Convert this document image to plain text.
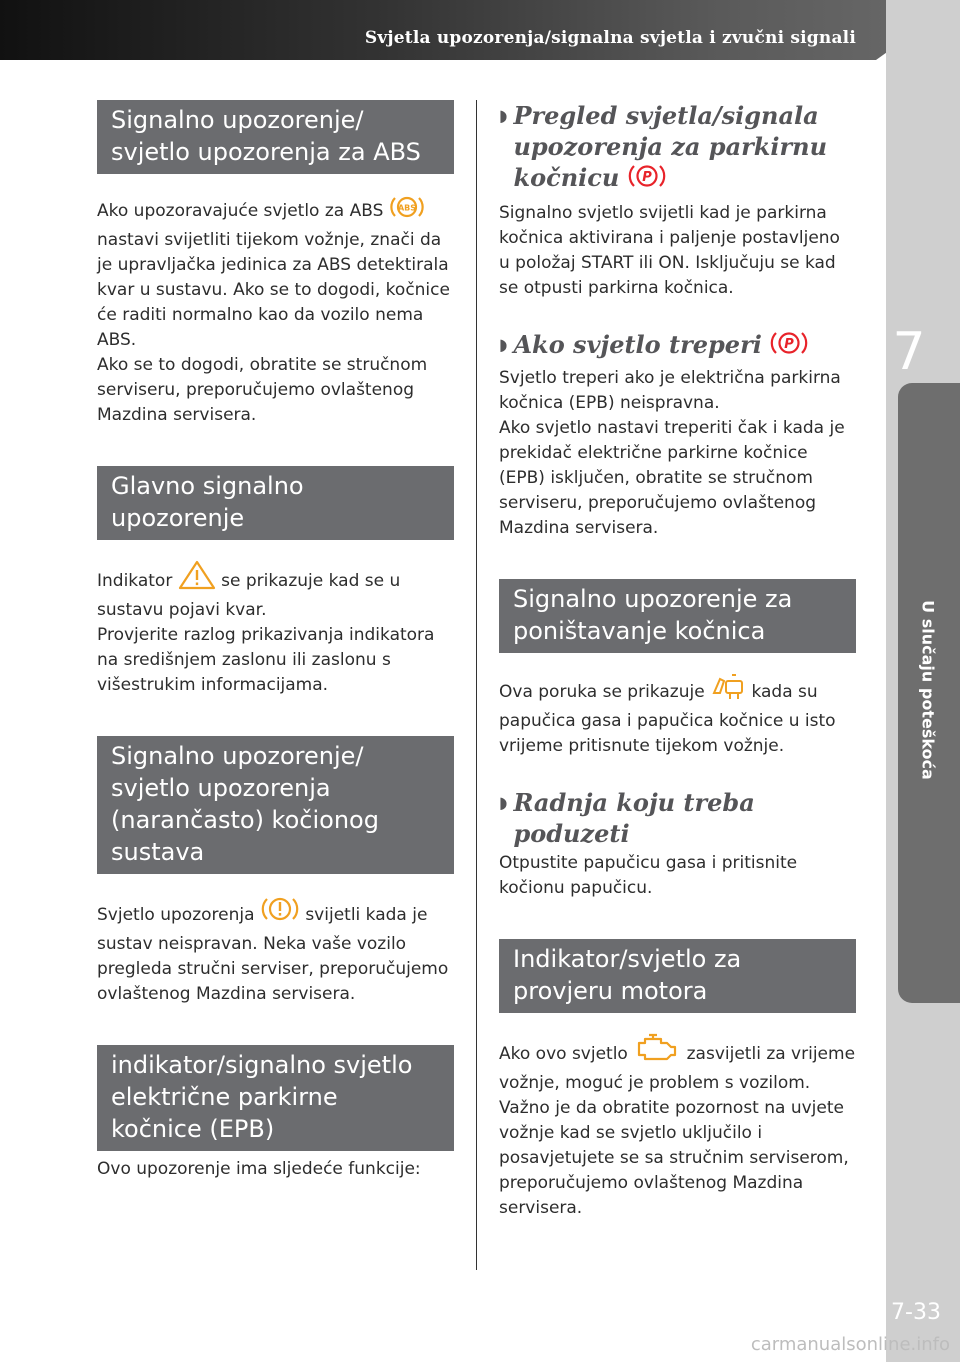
Svjetla upozorenja/signalna svjetla i zvučni signali
7
U slučaju poteškoća
7-33
carmanualsonline.info
Signalno upozorenje/
svjetlo upozorenja za ABS

Ako upozoravajuće svjetlo za ABS ABS

nastavi svijetliti tijekom vožnje, znači da je upravljačka jedinica za ABS detektirala kvar u sustavu. Ako se to dogodi, kočnice će raditi normalno kao da vozilo nema ABS.

Ako se to dogodi, obratite se stručnom serviseru, preporučujemo ovlaštenog Mazdina servisera.

Glavno signalno
upozorenje

Indikator  se prikazuje kad se u sustavu pojavi kvar.

Provjerite razlog prikazivanja indikatora na središnjem zaslonu ili zaslonu s višestrukim informacijama.

Signalno upozorenje/
svjetlo upozorenja
(narančasto) kočionog
sustava

Svjetlo upozorenja  svijetli kada je sustav neispravan. Neka vaše vozilo pregleda stručni serviser, preporučujemo ovlaštenog Mazdina servisera.

indikator/signalno svjetlo
električne parkirne
kočnice (EPB)

Ovo upozorenje ima sljedeće funkcije:

◗ Pregled svjetla/signala
upozorenja za parkirnu
kočnicu P

Signalno svjetlo svijetli kad je parkirna kočnica aktivirana i paljenje postavljeno u položaj START ili ON. Isključuju se kad se otpusti parkirna kočnica.

◗ Ako svjetlo treperi P

Svjetlo treperi ako je električna parkirna kočnica (EPB) neispravna.

Ako svjetlo nastavi treperiti čak i kada je prekidač električne parkirne kočnice (EPB) isključen, obratite se stručnom serviseru, preporučujemo ovlaštenog Mazdina servisera.

Signalno upozorenje za
poništavanje kočnica

Ova poruka se prikazuje  kada su papučica gasa i papučica kočnice u isto vrijeme pritisnute tijekom vožnje.

◗ Radnja koju treba poduzeti

Otpustite papučicu gasa i pritisnite kočionu papučicu.

Indikator/svjetlo za
provjeru motora

Ako ovo svjetlo	zasvijetli za vrijeme vožnje, moguć je problem s vozilom. Važno je da obratite pozornost na uvjete vožnje kad se svjetlo uključilo i posavjetujete se sa stručnim serviserom, preporučujemo ovlaštenog Mazdina servisera.
